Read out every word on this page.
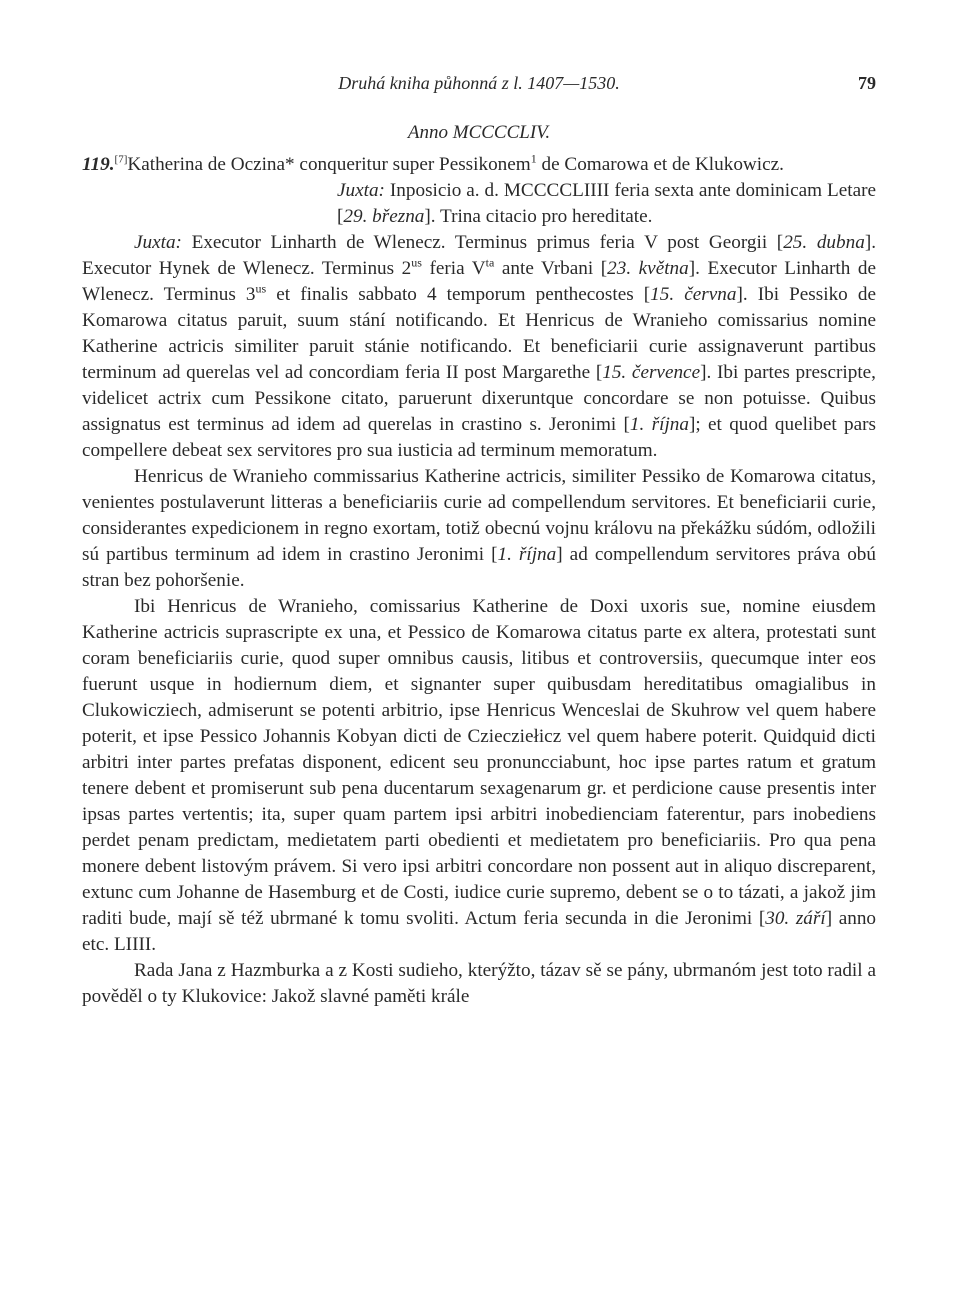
Druhá kniha půhonná z l. 1407—1530.	79
Anno MCCCCLIV.

119.[7]Katherina de Oczina* conqueritur super Pessikonem$^1$ de Comarowa et de Klukowicz.

Juxta: Inposicio a. d. MCCCCLIIII feria sexta ante dominicam Letare [29. března]. Trina citacio pro hereditate.

Juxta: Executor Linharth de Wlenecz. Terminus primus feria V post Georgii [25. dubna]. Executor Hynek de Wlenecz. Terminus $2^{us}$ feria $V^{ta}$ ante Vrbani [23. května]. Executor Linharth de Wlenecz. Terminus $3^{us}$ et finalis sabbato 4 temporum penthecostes [15. června]. Ibi Pessiko de Komarowa citatus paruit, suum stání notificando. Et Henricus de Wranieho comissarius nomine Katherine actricis similiter paruit stánie notificando. Et beneficiarii curie assignaverunt partibus terminum ad querelas vel ad concordiam feria II post Margarethe [15. července]. Ibi partes prescripte, videlicet actrix cum Pessikone citato, paruerunt dixeruntque concordare se non potuisse. Quibus assignatus est terminus ad idem ad querelas in crastino s. Jeronimi [1. října]; et quod quelibet pars compellere debeat sex servitores pro sua iusticia ad terminum memoratum.

Henricus de Wranieho commissarius Katherine actricis, similiter Pessiko de Komarowa citatus, venientes postulaverunt litteras a beneficiariis curie ad compellendum servitores. Et beneficiarii curie, considerantes expedicionem in regno exortam, totiž obecnú vojnu královu na překážku súdóm, odložili sú partibus terminum ad idem in crastino Jeronimi [1. října] ad compellendum servitores práva obú stran bez pohoršenie.

Ibi Henricus de Wranieho, comissarius Katherine de Doxi uxoris sue, nomine eiusdem Katherine actricis suprascripte ex una, et Pessico de Komarowa citatus parte ex altera, protestati sunt coram beneficiariis curie, quod super omnibus causis, litibus et controversiis, quecumque inter eos fuerunt usque in hodiernum diem, et signanter super quibusdam hereditatibus omagialibus in Clukowicziech, admiserunt se potenti arbitrio, ipse Henricus Wenceslai de Skuhrow vel quem habere poterit, et ipse Pessico Johannis Kobyan dicti de Cziecziełicz vel quem habere poterit. Quidquid dicti arbitri inter partes prefatas disponent, edicent seu pronuncciabunt, hoc ipse partes ratum et gratum tenere debent et promiserunt sub pena ducentarum sexagenarum gr. et perdicione cause presentis inter ipsas partes vertentis; ita, super quam partem ipsi arbitri inobedienciam faterentur, pars inobediens perdet penam predictam, medietatem parti obedienti et medietatem pro beneficiariis. Pro qua pena monere debent listovým právem. Si vero ipsi arbitri concordare non possent aut in aliquo discreparent, extunc cum Johanne de Hasemburg et de Costi, iudice curie supremo, debent se o to tázati, a jakož jim raditi bude, mají sě též ubrmané k tomu svoliti. Actum feria secunda in die Jeronimi [30. září] anno etc. LIIII.

Rada Jana z Hazmburka a z Kosti sudieho, kterýžto, tázav sě se pány, ubrmanóm jest toto radil a pověděl o ty Klukovice: Jakož slavné paměti krále
